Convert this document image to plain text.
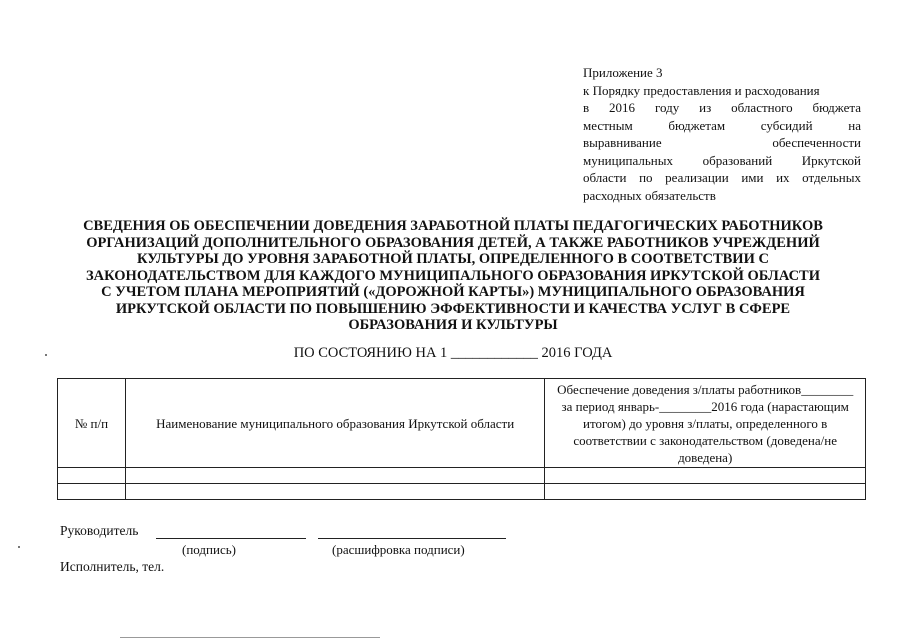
Приложение 3
к Порядку предоставления и расходования
в 2016 году из областного бюджета
местным бюджетам субсидий на
выравнивание обеспеченности
муниципальных образований Иркутской
области по реализации ими их отдельных
расходных обязательств
СВЕДЕНИЯ ОБ ОБЕСПЕЧЕНИИ ДОВЕДЕНИЯ ЗАРАБОТНОЙ ПЛАТЫ ПЕДАГОГИЧЕСКИХ РАБОТНИКОВ
ОРГАНИЗАЦИЙ ДОПОЛНИТЕЛЬНОГО ОБРАЗОВАНИЯ ДЕТЕЙ, А ТАКЖЕ РАБОТНИКОВ УЧРЕЖДЕНИЙ
КУЛЬТУРЫ ДО УРОВНЯ ЗАРАБОТНОЙ ПЛАТЫ, ОПРЕДЕЛЕННОГО В СООТВЕТСТВИИ С
ЗАКОНОДАТЕЛЬСТВОМ ДЛЯ КАЖДОГО МУНИЦИПАЛЬНОГО ОБРАЗОВАНИЯ ИРКУТСКОЙ ОБЛАСТИ
С УЧЕТОМ ПЛАНА МЕРОПРИЯТИЙ («ДОРОЖНОЙ КАРТЫ») МУНИЦИПАЛЬНОГО ОБРАЗОВАНИЯ
ИРКУТСКОЙ ОБЛАСТИ ПО ПОВЫШЕНИЮ ЭФФЕКТИВНОСТИ И КАЧЕСТВА УСЛУГ В СФЕРЕ
ОБРАЗОВАНИЯ И КУЛЬТУРЫ
ПО СОСТОЯНИЮ НА 1 ____________ 2016 ГОДА
№ п/п	Наименование муниципального образования Иркутской области	Обеспечение доведения з/платы работников________ за период январь-________2016 года (нарастающим итогом) до уровня з/платы, определенного в соответствии с законодательством (доведена/не доведена)

Руководитель
(подпись)	(расшифровка подписи)
Исполнитель, тел.
